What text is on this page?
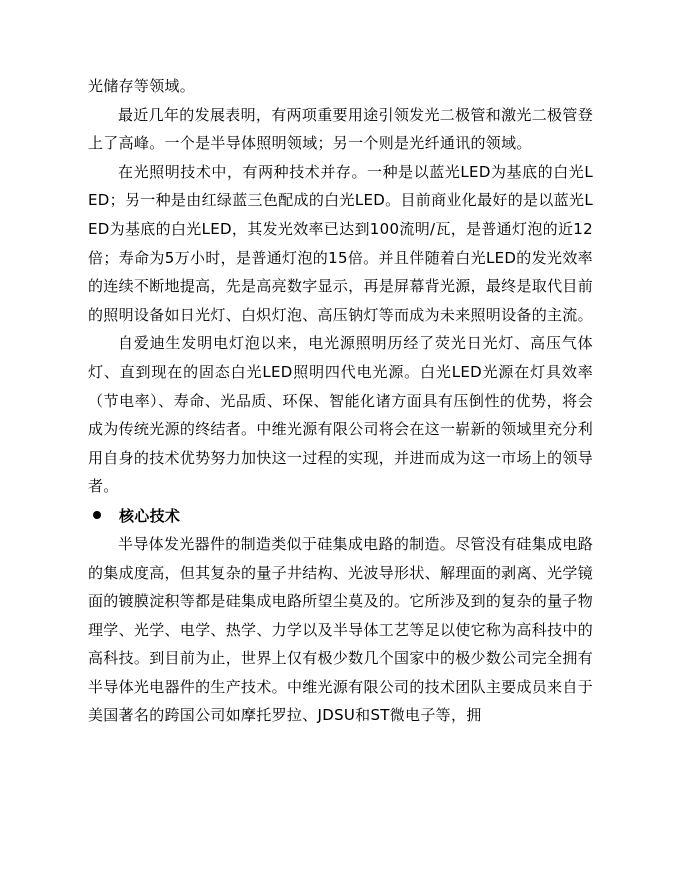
光储存等领域。

最近几年的发展表明，有两项重要用途引领发光二极管和激光二极管登上了高峰。一个是半导体照明领域；另一个则是光纤通讯的领域。

在光照明技术中，有两种技术并存。一种是以蓝光LED为基底的白光LED；另一种是由红绿蓝三色配成的白光LED。目前商业化最好的是以蓝光LED为基底的白光LED，其发光效率已达到100流明/瓦，是普通灯泡的近12倍；寿命为5万小时，是普通灯泡的15倍。并且伴随着白光LED的发光效率的连续不断地提高，先是高亮数字显示，再是屏幕背光源，最终是取代目前的照明设备如日光灯、白炽灯泡、高压钠灯等而成为未来照明设备的主流。

自爱迪生发明电灯泡以来，电光源照明历经了荧光日光灯、高压气体灯、直到现在的固态白光LED照明四代电光源。白光LED光源在灯具效率（节电率）、寿命、光品质、环保、智能化诸方面具有压倒性的优势，将会成为传统光源的终结者。中维光源有限公司将会在这一崭新的领域里充分利用自身的技术优势努力加快这一过程的实现，并进而成为这一市场上的领导者。

核心技术

半导体发光器件的制造类似于硅集成电路的制造。尽管没有硅集成电路的集成度高，但其复杂的量子井结构、光波导形状、解理面的剥离、光学镜面的镀膜淀积等都是硅集成电路所望尘莫及的。它所涉及到的复杂的量子物理学、光学、电学、热学、力学以及半导体工艺等足以使它称为高科技中的高科技。到目前为止，世界上仅有极少数几个国家中的极少数公司完全拥有半导体光电器件的生产技术。中维光源有限公司的技术团队主要成员来自于美国著名的跨国公司如摩托罗拉、JDSU和ST微电子等，拥
